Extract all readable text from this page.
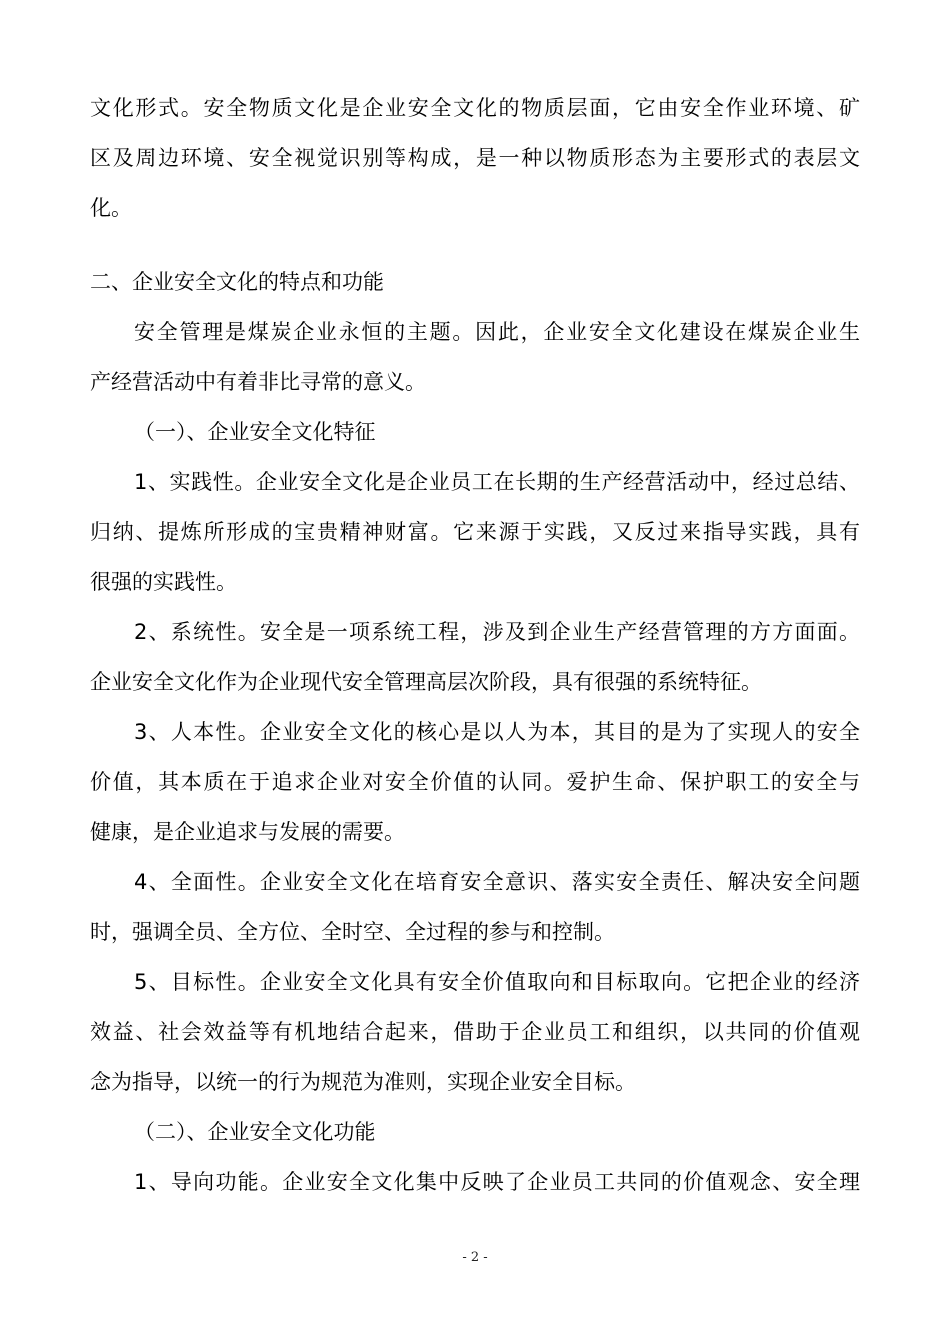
文化形式。安全物质文化是企业安全文化的物质层面，它由安全作业环境、矿
区及周边环境、安全视觉识别等构成，是一种以物质形态为主要形式的表层文
化。
二、企业安全文化的特点和功能
安全管理是煤炭企业永恒的主题。因此，企业安全文化建设在煤炭企业生
产经营活动中有着非比寻常的意义。
（一）、企业安全文化特征
1、实践性。企业安全文化是企业员工在长期的生产经营活动中，经过总结、
归纳、提炼所形成的宝贵精神财富。它来源于实践，又反过来指导实践，具有
很强的实践性。
2、系统性。安全是一项系统工程，涉及到企业生产经营管理的方方面面。
企业安全文化作为企业现代安全管理高层次阶段，具有很强的系统特征。
3、人本性。企业安全文化的核心是以人为本，其目的是为了实现人的安全
价值，其本质在于追求企业对安全价值的认同。爱护生命、保护职工的安全与
健康，是企业追求与发展的需要。
4、全面性。企业安全文化在培育安全意识、落实安全责任、解决安全问题
时，强调全员、全方位、全时空、全过程的参与和控制。
5、目标性。企业安全文化具有安全价值取向和目标取向。它把企业的经济
效益、社会效益等有机地结合起来，借助于企业员工和组织，以共同的价值观
念为指导，以统一的行为规范为准则，实现企业安全目标。
（二）、企业安全文化功能
1、导向功能。企业安全文化集中反映了企业员工共同的价值观念、安全理
- 2 -
